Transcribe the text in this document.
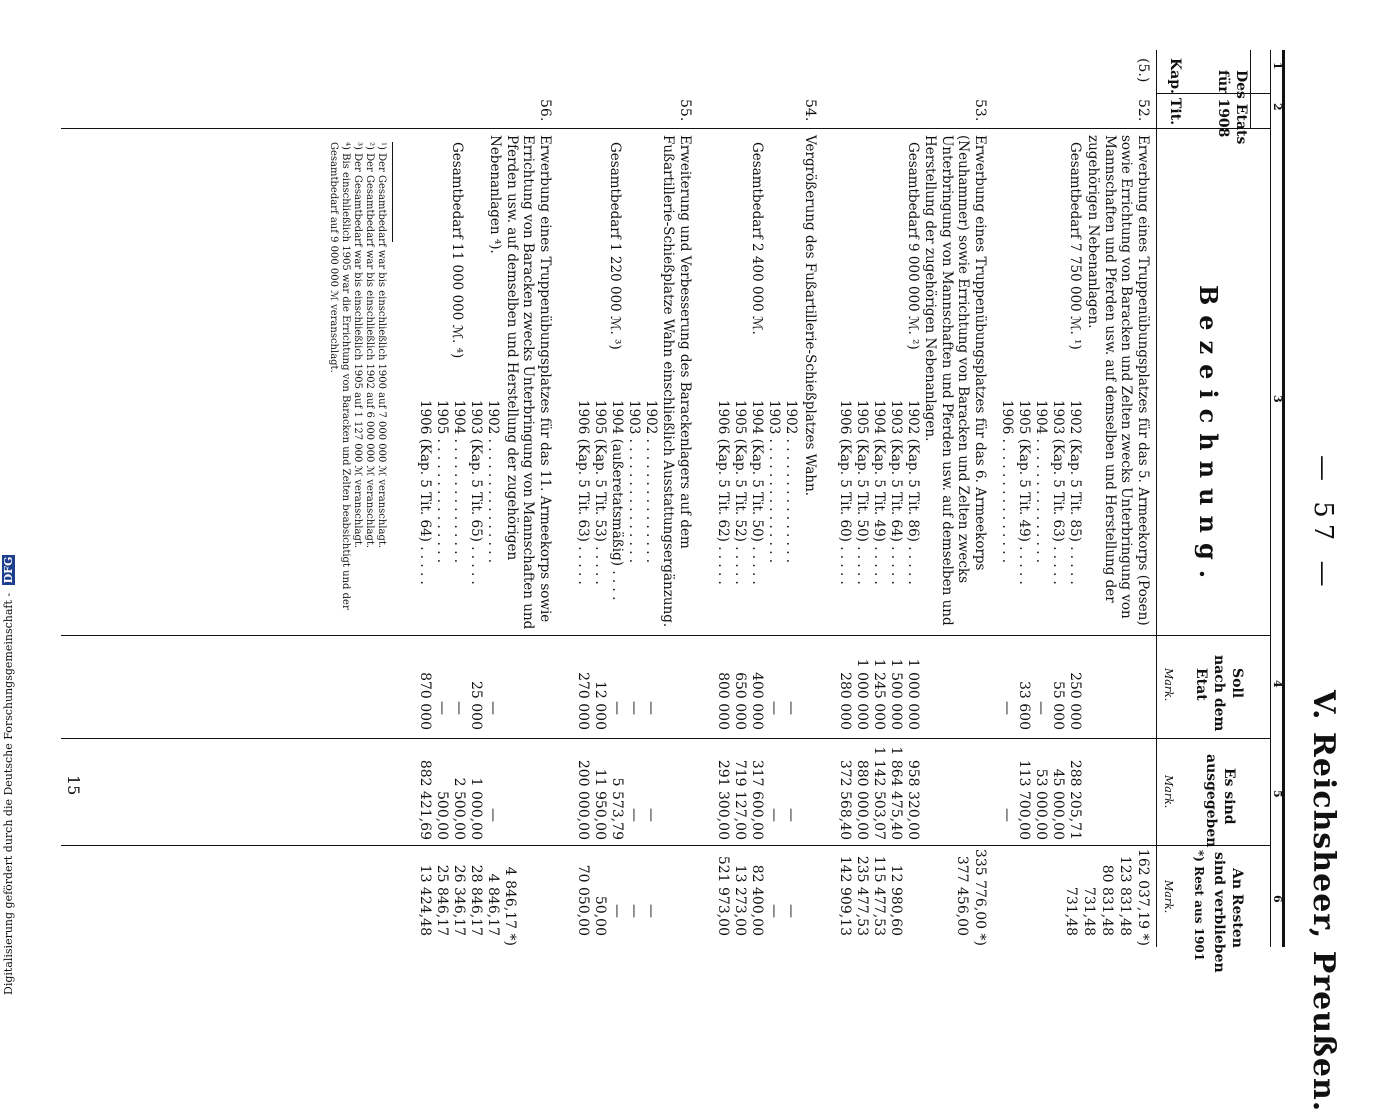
Digitalisierung gefördert durch die Deutsche Forschungsgemeinschaft - DFG	— 57 —
V. Reichsheer, Preußen.
1
2
3
4
5
6
Des Etats
für 1908
Kap.
Tit.
Bezeichnung.
Soll
nach dem
Etat
Mark.
Es sind
ausgegeben
Mark.
An Resten
sind verblieben
*) Rest aus 1901
Mark.
(5.)
52.
Erwerbung eines Truppenübungsplatzes für das 5. Armeekorps (Posen) sowie Errichtung von Baracken und Zelten zwecks Unterbringung von Mannschaften und Pferden usw. auf demselben und Herstellung der zugehörigen Nebenanlagen.
Gesamtbedarf 7 750 000 ℳ. ¹)
1902 (Kap. 5 Tit. 85) . . . . .
1903 (Kap. 5 Tit. 63) . . . . .
1904 . . . . . . . . . . . . . . .
1905 (Kap. 5 Tit. 49) . . . . .
1906 . . . . . . . . . . . . . . .
250 000
55 000
—
33 600
—
288 205,71
45 000,00
53 000,00
113 700,00
—
162 037,19 *)
123 831,48
80 831,48
731,48
731,48
53.
Erwerbung eines Truppenübungsplatzes für das 6. Armeekorps (Neuhammer) sowie Errichtung von Baracken und Zelten zwecks Unterbringung von Mannschaften und Pferden usw. auf demselben und Herstellung der zugehörigen Nebenanlagen.
Gesamtbedarf 9 000 000 ℳ. ²)
335 776,00 *)
1902 (Kap. 5 Tit. 86) . . . . .
1903 (Kap. 5 Tit. 64) . . . . .
1904 (Kap. 5 Tit. 49) . . . . .
1905 (Kap. 5 Tit. 50) . . . . .
1906 (Kap. 5 Tit. 60) . . . . .
1 000 000
1 500 000
1 245 000
1 000 000
280 000
958 320,00
1 864 475,40
1 142 503,07
880 000,00
372 568,40
377 456,00
12 980,60
115 477,53
235 477,53
142 909,13
54.
Vergrößerung des Fußartillerie-Schießplatzes Wahn.
Gesamtbedarf 2 400 000 ℳ.
1902 . . . . . . . . . . . . . . .
1903 . . . . . . . . . . . . . . .
1904 (Kap. 5 Tit. 50) . . . . .
1905 (Kap. 5 Tit. 52) . . . . .
1906 (Kap. 5 Tit. 62) . . . . .
—
—
400 000
650 000
800 000
—
—
317 600,00
719 127,00
291 300,00
—
—
82 400,00
13 273,00
521 973,00
55.
Erweiterung und Verbesserung des Barackenlagers auf dem Fußartillerie-Schießplatze Wahn einschließlich Ausstattungsergänzung.
Gesamtbedarf 1 220 000 ℳ. ³)
1902 . . . . . . . . . . . . . . .
1903 . . . . . . . . . . . . . . .
1904 (außeretatsmäßig) . . . .
1905 (Kap. 5 Tit. 53) . . . . .
1906 (Kap. 5 Tit. 63) . . . . .
—
—
—
12 000
270 000
—
—
5 573,79
11 950,00
200 000,00
—
—
—
50,00
70 050,00
56.
Erwerbung eines Truppenübungsplatzes für das 11. Armeekorps sowie Errichtung von Baracken zwecks Unterbringung von Mannschaften und Pferden usw. auf demselben und Herstellung der zugehörigen Nebenanlagen ⁴).
Gesamtbedarf 11 000 000 ℳ. ⁴)
1902 . . . . . . . . . . . . . . .
1903 (Kap. 5 Tit. 65) . . . . .
1904 . . . . . . . . . . . . . . .
1905 . . . . . . . . . . . . . . .
1906 (Kap. 5 Tit. 64) . . . . .
—
25 000
—
—
870 000
—
1 000,00
2 500,00
500,00
882 421,69
4 846,17 *)
4 846,17
28 846,17
26 346,17
25 846,17
13 424,48
¹) Der Gesamtbedarf war bis einschließlich 1900 auf 7 000 000 ℳ veranschlagt.
²) Der Gesamtbedarf war bis einschließlich 1902 auf 6 000 000 ℳ veranschlagt.
³) Der Gesamtbedarf war bis einschließlich 1905 auf 1 127 000 ℳ veranschlagt.
⁴) Bis einschließlich 1905 war die Errichtung von Baracken und Zelten beabsichtigt und der Gesamtbedarf auf 9 000 000 ℳ veranschlagt.
15
